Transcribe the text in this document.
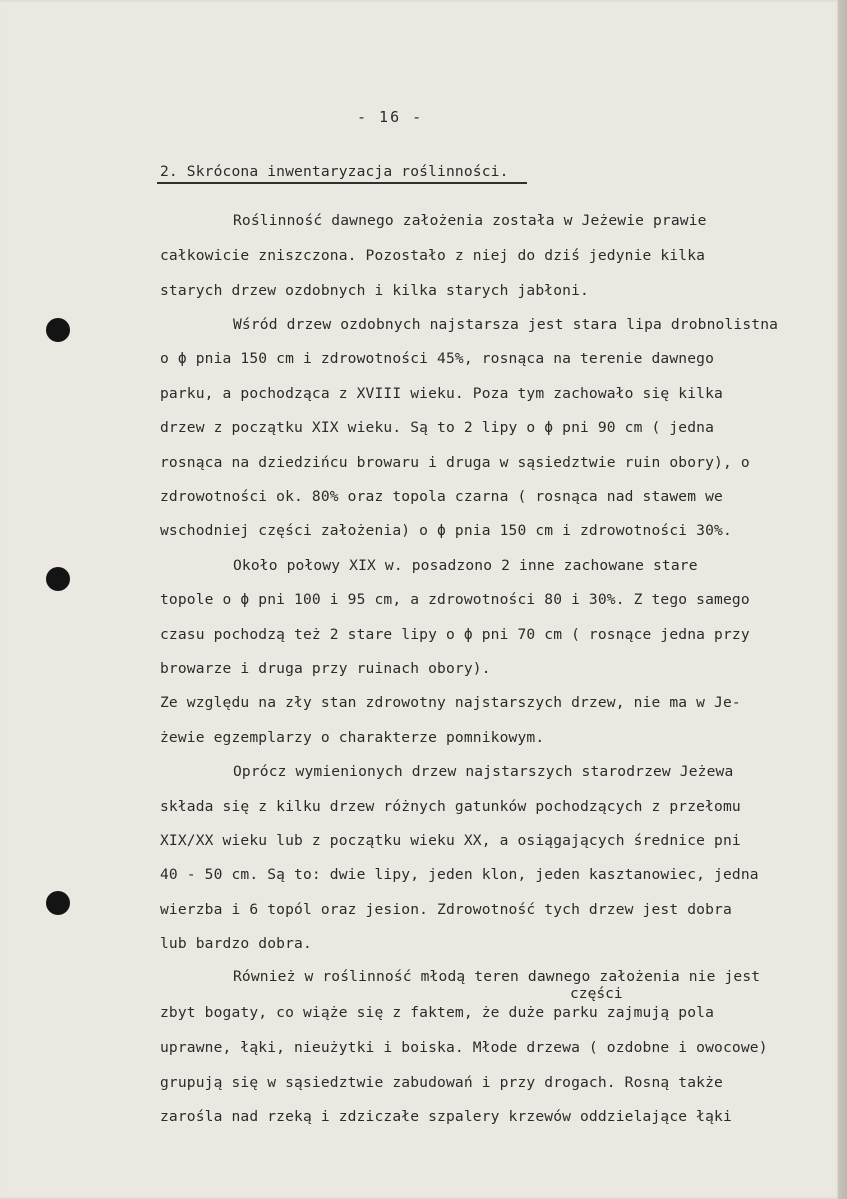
- 16 -
2. Skrócona inwentaryzacja roślinności.
Roślinność dawnego założenia została w Jeżewie prawie
całkowicie zniszczona. Pozostało z niej do dziś jedynie kilka
starych drzew ozdobnych i kilka starych jabłoni.
Wśród drzew ozdobnych najstarsza jest stara lipa drobnolistna
o ϕ pnia 150 cm i zdrowotności 45%, rosnąca na terenie dawnego
parku, a pochodząca z XVIII wieku. Poza tym zachowało się kilka
drzew z początku XIX wieku. Są to 2 lipy o ϕ pni 90 cm ( jedna
rosnąca na dziedzińcu browaru i druga w sąsiedztwie ruin obory), o
zdrowotności ok. 80% oraz topola czarna ( rosnąca nad stawem we
wschodniej części założenia) o ϕ pnia 150 cm i zdrowotności 30%.
Około połowy XIX w. posadzono 2 inne zachowane stare
topole o ϕ pni 100 i 95 cm, a zdrowotności 80 i 30%. Z tego samego
czasu pochodzą też 2 stare lipy o ϕ pni 70 cm ( rosnące jedna przy
browarze i druga przy ruinach obory).
Ze względu na zły stan zdrowotny najstarszych drzew, nie ma w Je-
żewie egzemplarzy o charakterze pomnikowym.
Oprócz wymienionych drzew najstarszych starodrzew Jeżewa
składa się z kilku drzew różnych gatunków pochodzących z przełomu
XIX/XX wieku lub z początku wieku XX, a osiągających średnice pni
40 - 50 cm. Są to: dwie lipy, jeden klon, jeden kasztanowiec, jedna
wierzba i 6 topól oraz jesion. Zdrowotność tych drzew jest dobra
lub bardzo dobra.
Również w roślinność młodą teren dawnego założenia nie jest
części
zbyt bogaty, co wiąże się z faktem, że duże parku zajmują pola
uprawne, łąki, nieużytki i boiska. Młode drzewa ( ozdobne i owocowe)
grupują się w sąsiedztwie zabudowań i przy drogach. Rosną także
zarośla nad rzeką i zdziczałe szpalery krzewów oddzielające łąki
